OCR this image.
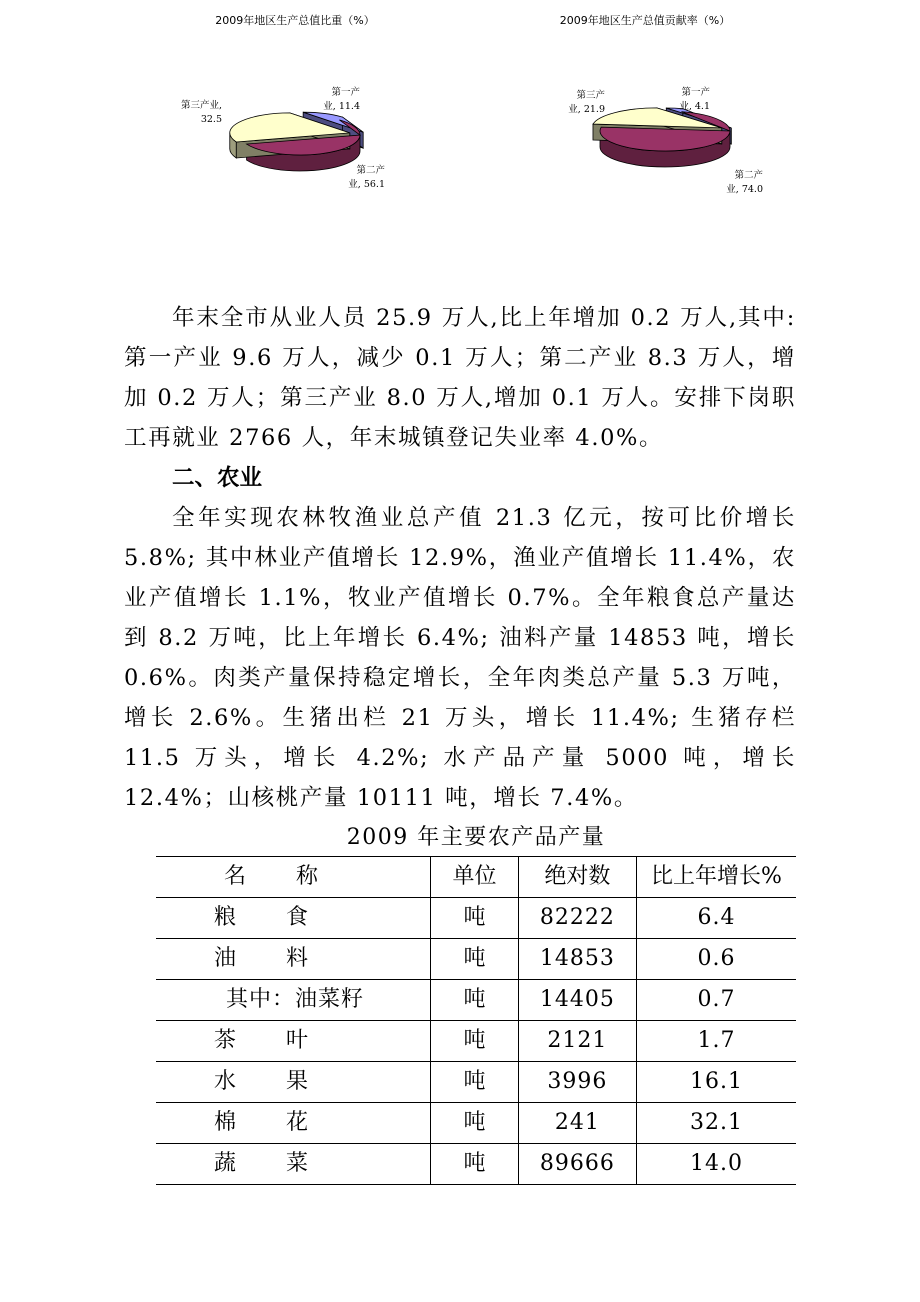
2009年地区生产总值比重（%）
第一产业, 11.4
第二产业, 56.1
第三产业, 32.5
2009年地区生产总值贡献率（%）
第一产业, 4.1
第二产业, 74.0
第三产业, 21.9

年末全市从业人员 25.9 万人,比上年增加 0.2 万人,其中:第一产业 9.6 万人，减少 0.1 万人；第二产业 8.3 万人，增加 0.2 万人；第三产业 8.0 万人,增加 0.1 万人。安排下岗职工再就业 2766 人，年末城镇登记失业率 4.0%。

二、农业

全年实现农林牧渔业总产值 21.3 亿元，按可比价增长 5.8%; 其中林业产值增长 12.9%，渔业产值增长 11.4%，农业产值增长 1.1%，牧业产值增长 0.7%。全年粮食总产量达到 8.2 万吨，比上年增长 6.4%; 油料产量 14853 吨，增长 0.6%。肉类产量保持稳定增长，全年肉类总产量 5.3 万吨，增长 2.6%。生猪出栏 21 万头，增长 11.4%; 生猪存栏 11.5 万头，增长 4.2%; 水产品产量 5000 吨，增长 12.4%；山核桃产量 10111 吨，增长 7.4%。

2009 年主要农产品产量
名　　称	单位	绝对数	比上年增长%
粮　　食	吨	82222	6.4
油　　料	吨	14853	0.6
其中：油菜籽	吨	14405	0.7
茶　　叶	吨	2121	1.7
水　　果	吨	3996	16.1
棉　　花	吨	241	32.1
蔬　　菜	吨	89666	14.0
